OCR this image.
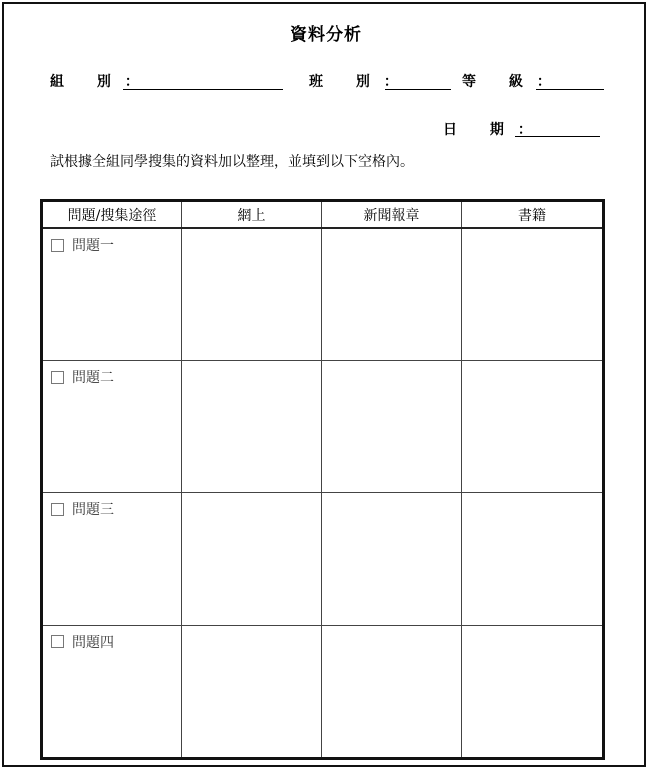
資料分析
組 別：	班 別：	等 級：
日 期：
試根據全組同學搜集的資料加以整理，並填到以下空格內。
問題/搜集途徑	網上	新聞報章	書籍

問題一			

問題二			

問題三			

問題四			
